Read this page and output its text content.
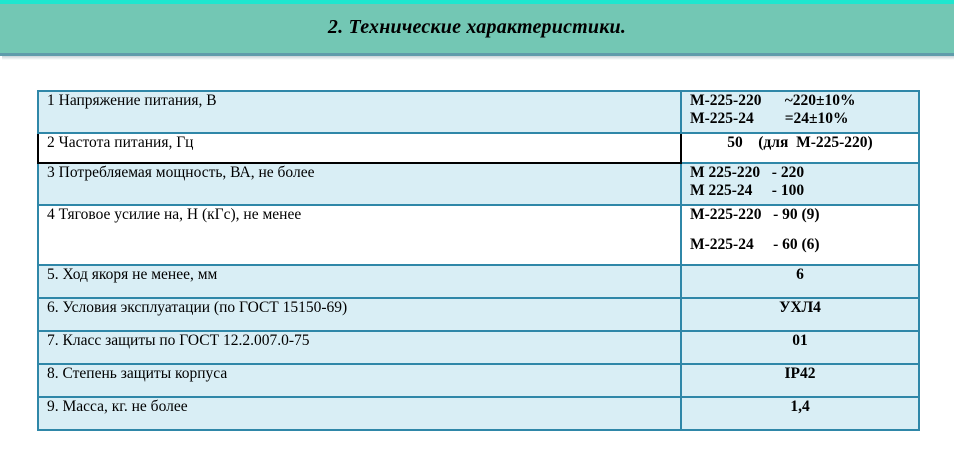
2. Технические характеристики.
1 Напряжение питания, В	М-225-220      ~220±10%
М-225-24        =24±10%

2 Частота питания, Гц	50    (для  М-225-220)

3 Потребляемая мощность, ВА, не более	М 225-220   - 220
М 225-24     - 100

4 Тяговое усилие на, Н (кГс), не менее	М-225-220   - 90 (9)
М-225-24     - 60 (6)

5. Ход якоря не менее, мм	6
6. Условия эксплуатации (по ГОСТ 15150-69)	УХЛ4
7. Класс защиты по ГОСТ 12.2.007.0-75	01
8. Степень защиты корпуса	IP42
9. Масса, кг. не более	1,4
